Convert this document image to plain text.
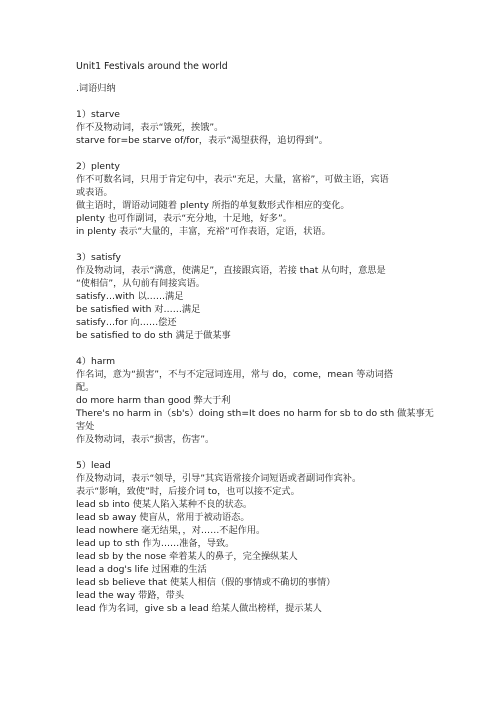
Unit1 Festivals around the world
.词语归纳
1）starve
作不及物动词，表示“饿死，挨饿”。
starve for=be starve of/for，表示“渴望获得，追切得到”。
2）plenty
作不可数名词，只用于肯定句中，表示“充足，大量，富裕”，可做主语，宾语
或表语。
做主语时，谓语动词随着 plenty 所指的单复数形式作相应的变化。
plenty 也可作副词，表示“充分地，十足地，好多”。
in plenty 表示“大量的，丰富，充裕”可作表语，定语，状语。
3）satisfy
作及物动词，表示“满意，使满足”，直接跟宾语，若接 that 从句时，意思是
“使相信”，从句前有间接宾语。
satisfy…with 以……满足
be satisfied with 对……满足
satisfy…for 向……偿还
be satisfied to do sth 满足于做某事
4）harm
作名词，意为“损害”，不与不定冠词连用，常与 do，come，mean 等动词搭
配。
do more harm than good 弊大于利
There's no harm in（sb's）doing sth=It does no harm for sb to do sth 做某事无
害处
作及物动词，表示“损害，伤害”。
5）lead
作及物动词，表示“领导，引导”其宾语常接介词短语或者副词作宾补。
表示“影响，致使”时，后接介词 to，也可以接不定式。
lead sb into 使某人陷入某种不良的状态。
lead sb away 使盲从，常用于被动语态。
lead nowhere 毫无结果，，对……不起作用。
lead up to sth 作为……准备，导致。
lead sb by the nose 牵着某人的鼻子，完全操纵某人
lead a dog's life 过困难的生活
lead sb believe that 使某人相信（假的事情或不确切的事情）
lead the way 带路，带头
lead 作为名词，give sb a lead 给某人做出榜样，提示某人
